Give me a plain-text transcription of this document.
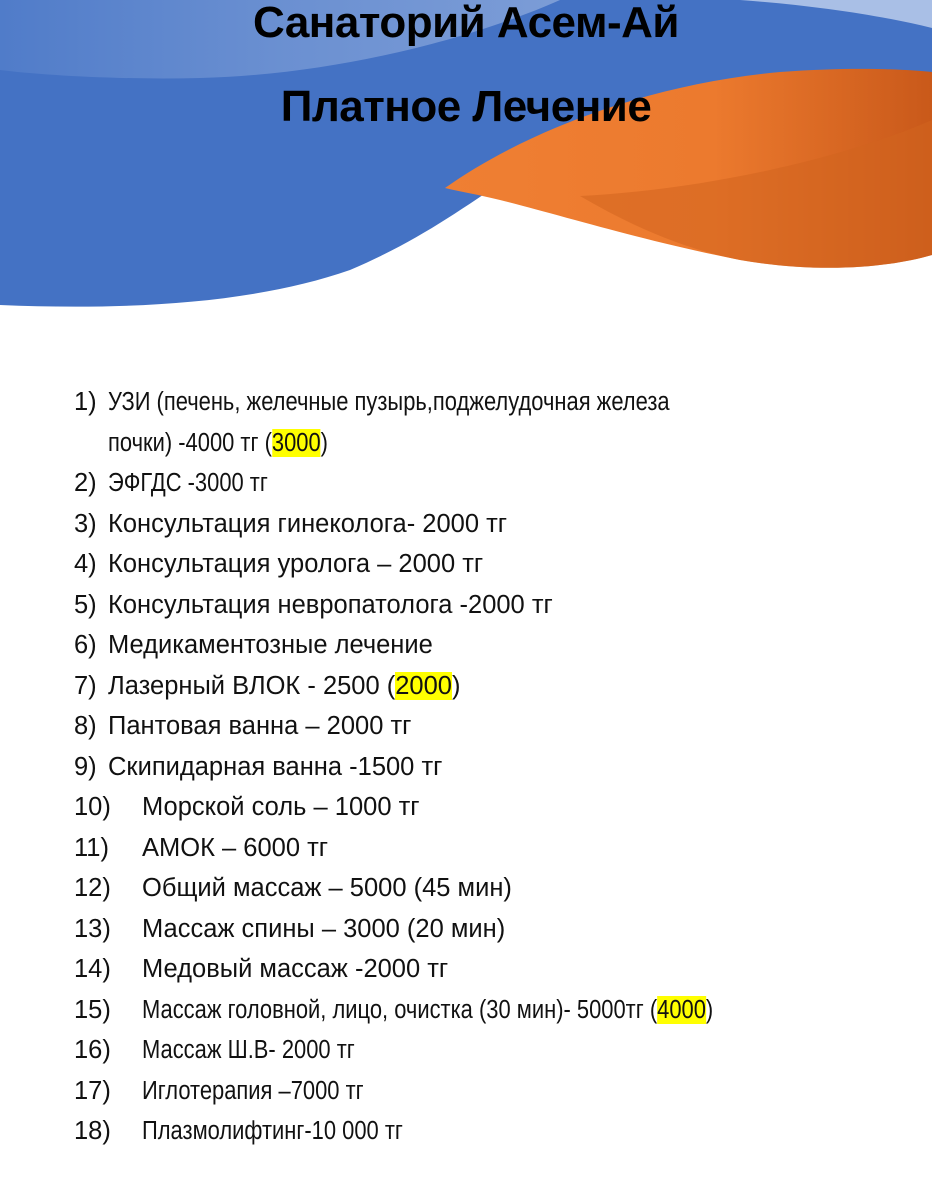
Санаторий Асем-Ай
Платное Лечение
1) УЗИ (печень, желечные пузырь,поджелудочная железа
почки) -4000 тг (3000)
2) ЭФГДС -3000 тг
3) Консультация гинеколога- 2000 тг
4) Консультация уролога – 2000 тг
5) Консультация невропатолога -2000 тг
6) Медикаментозные лечение
7) Лазерный ВЛОК - 2500 (2000)
8) Пантовая ванна – 2000 тг
9) Скипидарная ванна -1500 тг
10) Морской соль – 1000 тг
11) АМОК – 6000 тг
12) Общий массаж – 5000 (45 мин)
13) Массаж спины – 3000 (20 мин)
14) Медовый массаж -2000 тг
15) Массаж головной, лицо, очистка (30 мин)- 5000тг (4000)
16) Массаж Ш.В- 2000 тг
17) Иглотерапия –7000 тг
18) Плазмолифтинг-10 000 тг
